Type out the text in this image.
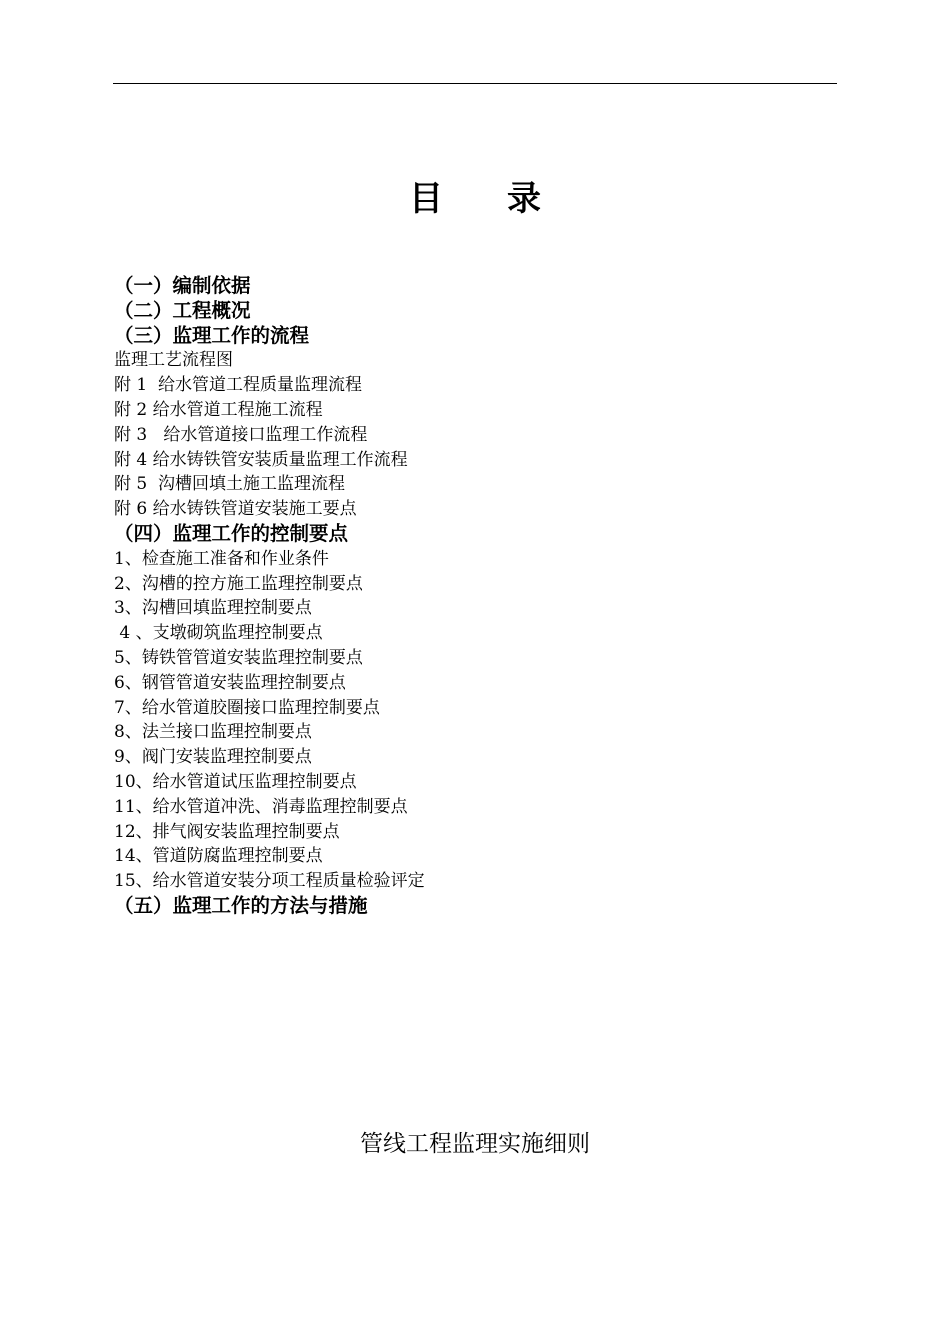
目 录
（一）编制依据
（二）工程概况
（三）监理工作的流程
监理工艺流程图
附 1  给水管道工程质量监理流程
附 2 给水管道工程施工流程
附 3   给水管道接口监理工作流程
附 4 给水铸铁管安装质量监理工作流程
附 5  沟槽回填土施工监理流程
附 6 给水铸铁管道安装施工要点
（四）监理工作的控制要点
1、检查施工准备和作业条件
2、沟槽的控方施工监理控制要点
3、沟槽回填监理控制要点
4 、支墩砌筑监理控制要点
5、铸铁管管道安装监理控制要点
6、钢管管道安装监理控制要点
7、给水管道胶圈接口监理控制要点
8、法兰接口监理控制要点
9、阀门安装监理控制要点
10、给水管道试压监理控制要点
11、给水管道冲洗、消毒监理控制要点
12、排气阀安装监理控制要点
14、管道防腐监理控制要点
15、给水管道安装分项工程质量检验评定
（五）监理工作的方法与措施
管线工程监理实施细则
